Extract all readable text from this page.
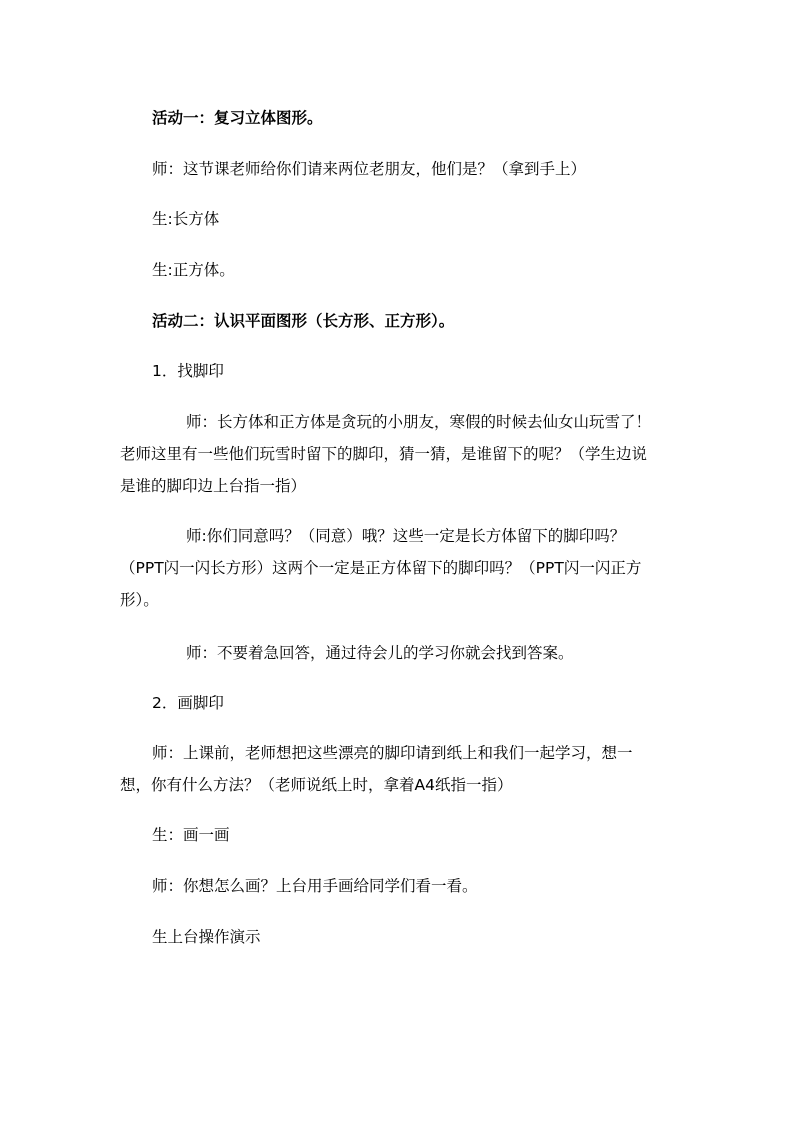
活动一：复习立体图形。

师：这节课老师给你们请来两位老朋友，他们是？（拿到手上）

生:长方体

生:正方体。

活动二：认识平面图形（长方形、正方形）。

1．找脚印

师：长方体和正方体是贪玩的小朋友，寒假的时候去仙女山玩雪了！
老师这里有一些他们玩雪时留下的脚印，猜一猜，是谁留下的呢？（学生边说
是谁的脚印边上台指一指）
师:你们同意吗？（同意）哦？这些一定是长方体留下的脚印吗？
（PPT闪一闪长方形）这两个一定是正方体留下的脚印吗？（PPT闪一闪正方
形）。

师：不要着急回答，通过待会儿的学习你就会找到答案。

2．画脚印

师：上课前，老师想把这些漂亮的脚印请到纸上和我们一起学习，想一
想，你有什么方法？（老师说纸上时，拿着A4纸指一指）

生：画一画

师：你想怎么画？上台用手画给同学们看一看。

生上台操作演示
